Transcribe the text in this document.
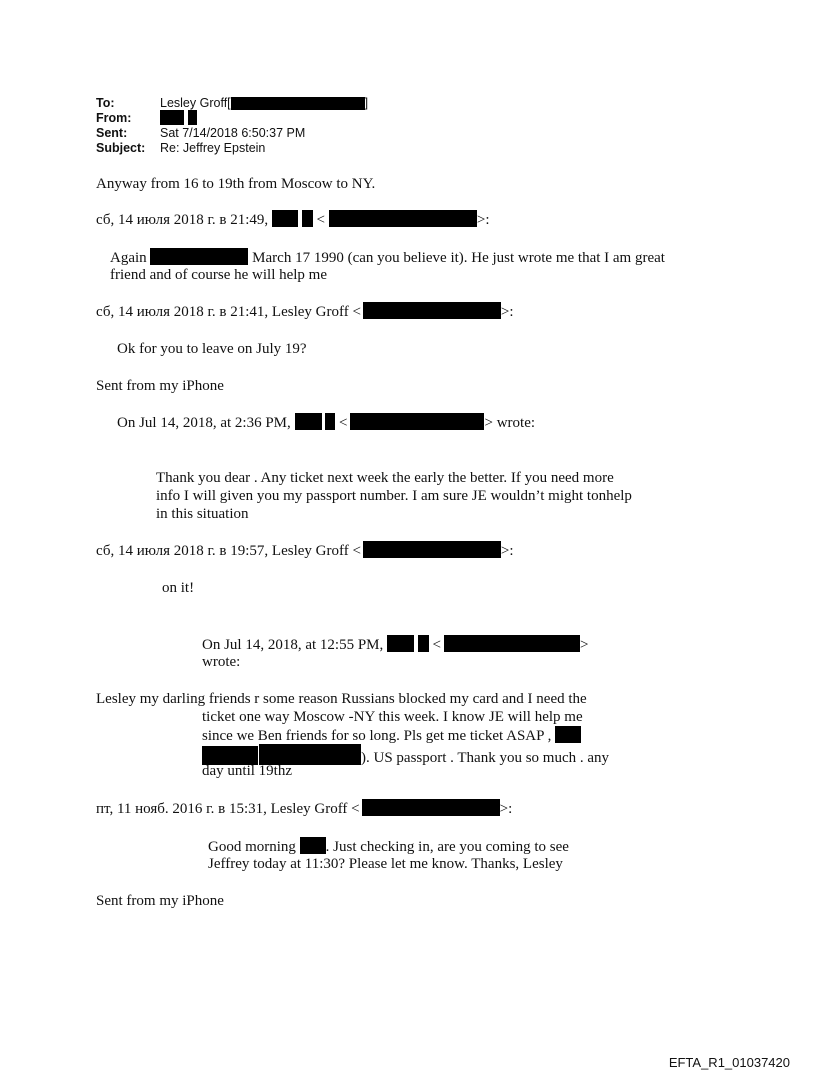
To:	Lesley Groff[	]
From:
Sent:	Sat 7/14/2018 6:50:37 PM
Subject: Re: Jeffrey Epstein
Anyway from 16 to 19th from Moscow to NY.
сб, 14 июля 2018 г. в 21:49,	<	>:
Again	March 17 1990 (can you believe it). He just wrote me that I am great
friend and of course he will help me
сб, 14 июля 2018 г. в 21:41, Lesley Groff <	>:
Ok for you to leave on July 19?
Sent from my iPhone
On Jul 14, 2018, at 2:36 PM,	<	> wrote:
Thank you dear . Any ticket next week the early the better. If you need more
info I will given you my passport number. I am sure JE wouldn’t might tonhelp
in this situation
сб, 14 июля 2018 г. в 19:57, Lesley Groff <	>:
on it!
On Jul 14, 2018, at 12:55 PM,	<	>
wrote:
Lesley my darling friends r some reason Russians blocked my card and I need the
ticket one way Moscow -NY this week. I know JE will help me
since we Ben friends for so long. Pls get me ticket ASAP ,
). US passport . Thank you so much . any
day until 19thz
пт, 11 нояб. 2016 г. в 15:31, Lesley Groff <	>:
Good morning . Just checking in, are you coming to see
Jeffrey today at 11:30? Please let me know. Thanks, Lesley
Sent from my iPhone
EFTA_R1_01037420
